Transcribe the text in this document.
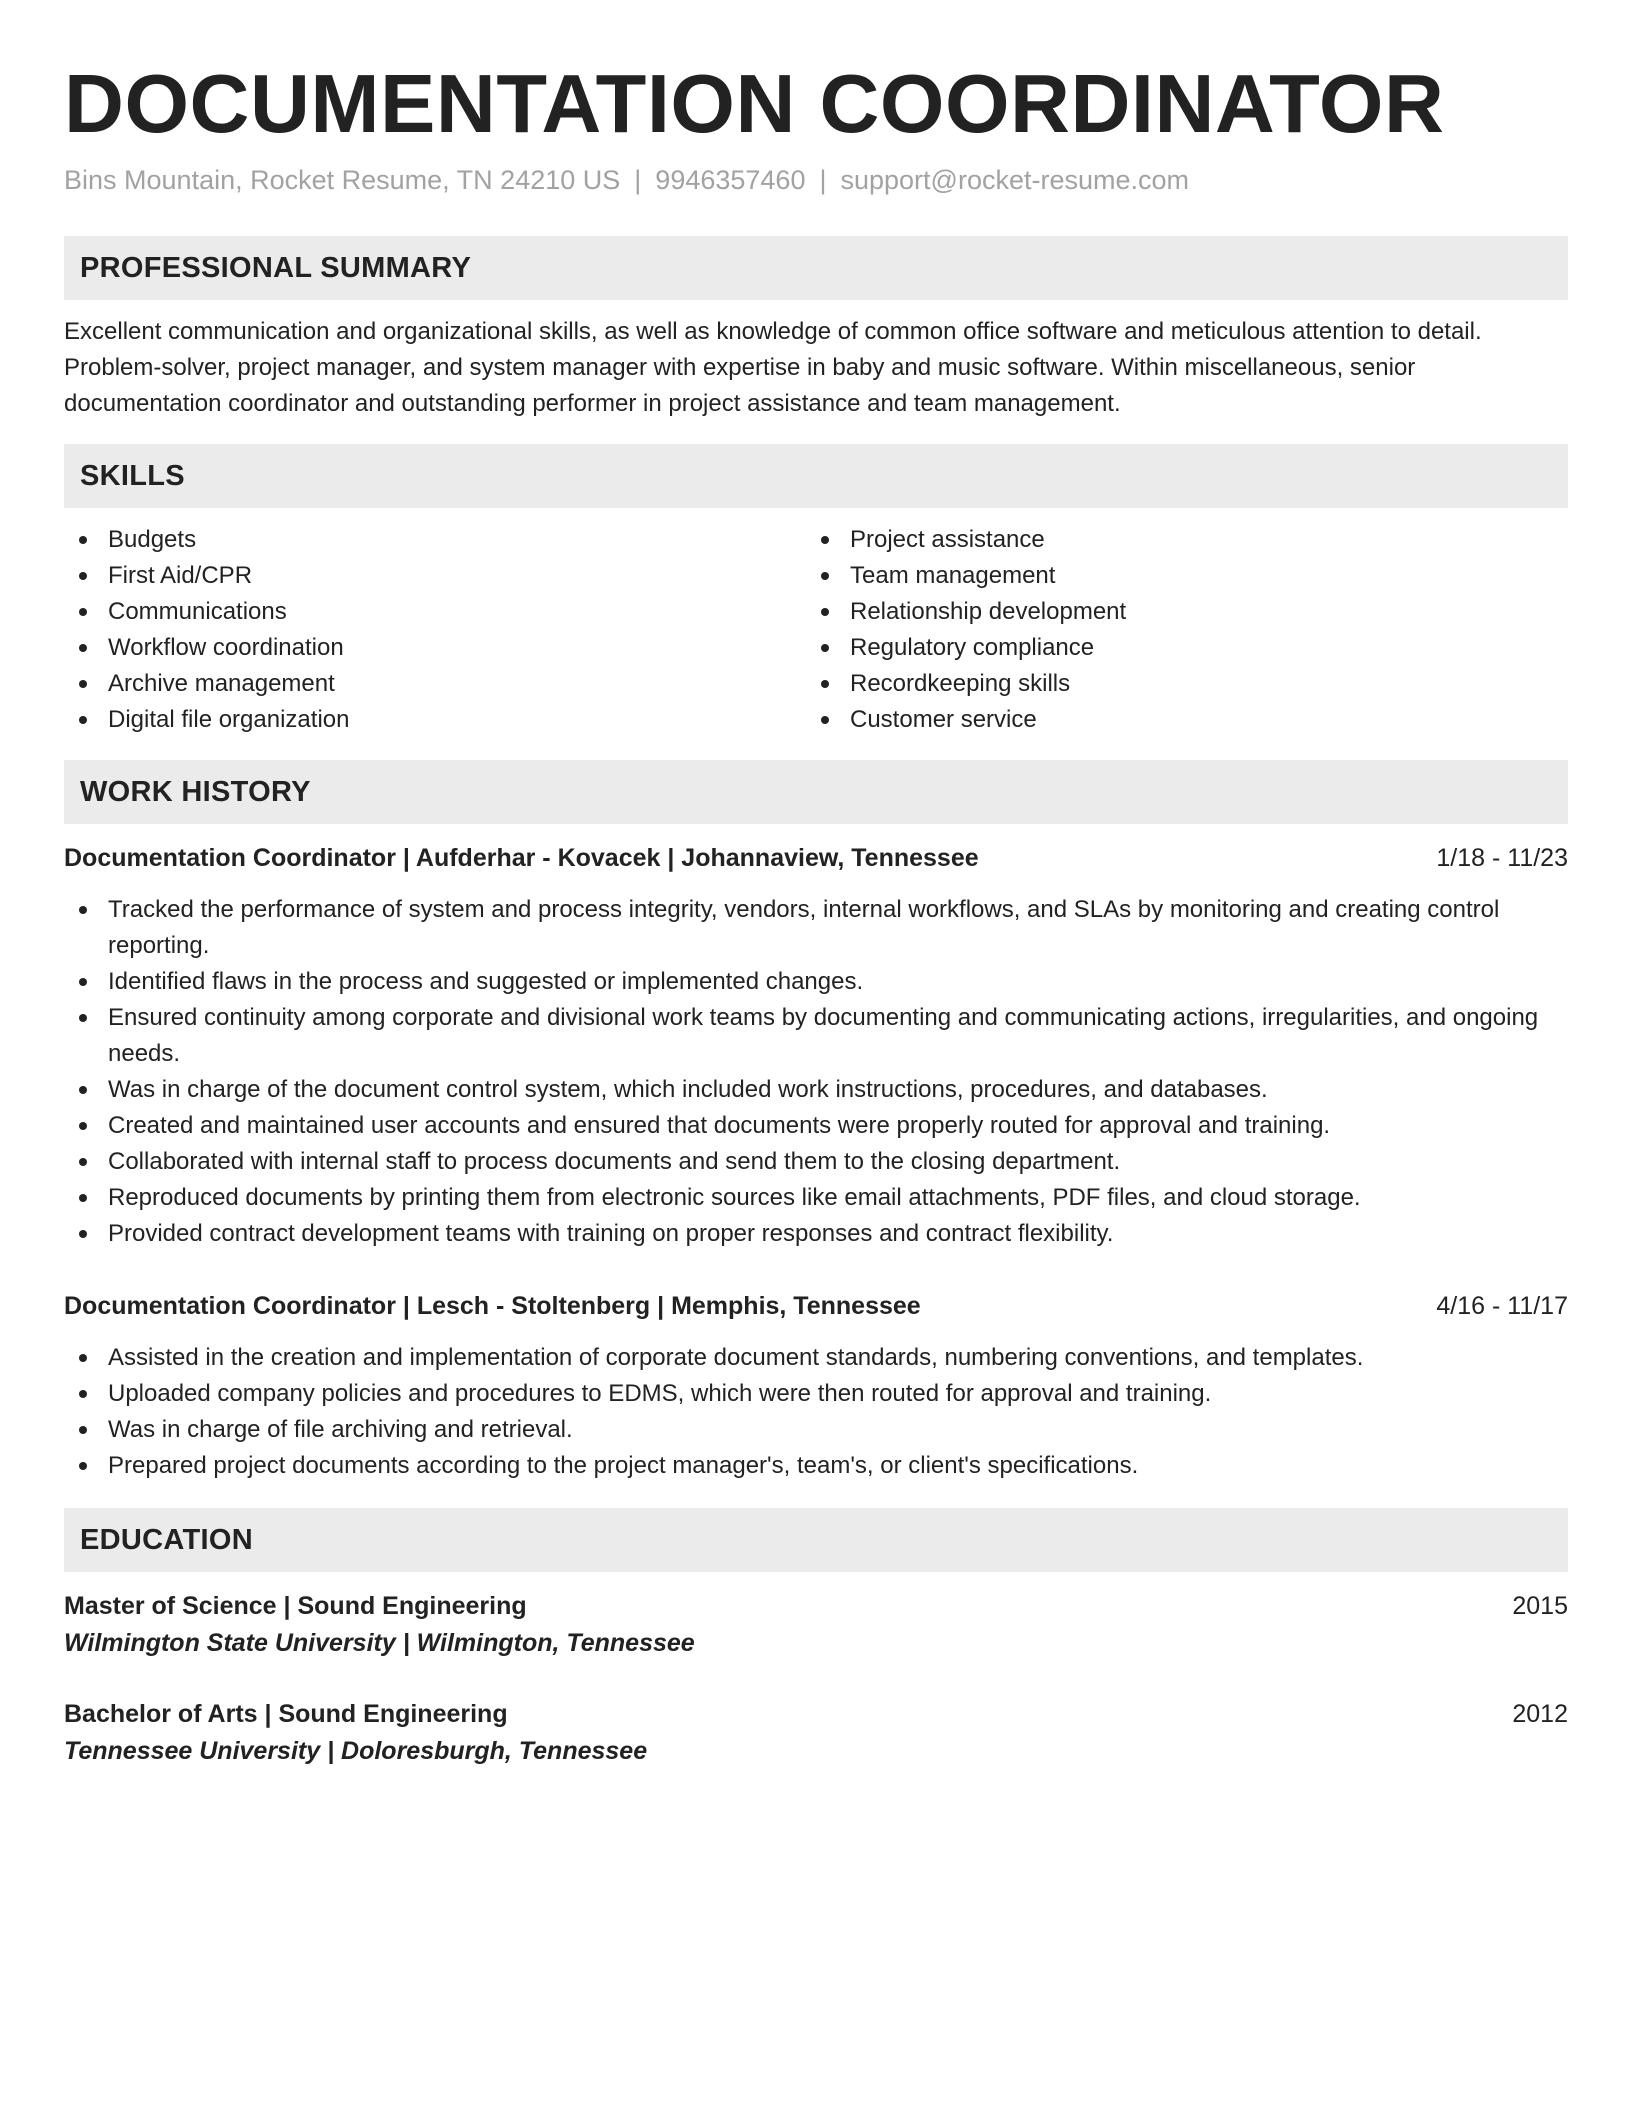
DOCUMENTATION COORDINATOR
Bins Mountain, Rocket Resume, TN 24210 US | 9946357460 | support@rocket-resume.com
PROFESSIONAL SUMMARY

Excellent communication and organizational skills, as well as knowledge of common office software and meticulous attention to detail. Problem-solver, project manager, and system manager with expertise in baby and music software. Within miscellaneous, senior documentation coordinator and outstanding performer in project assistance and team management.

SKILLS
Budgets
First Aid/CPR
Communications
Workflow coordination
Archive management
Digital file organization
Project assistance
Team management
Relationship development
Regulatory compliance
Recordkeeping skills
Customer service
WORK HISTORY
Documentation Coordinator | Aufderhar - Kovacek | Johannaview, Tennessee	1/18 - 11/23
Tracked the performance of system and process integrity, vendors, internal workflows, and SLAs by monitoring and creating control reporting.
Identified flaws in the process and suggested or implemented changes.
Ensured continuity among corporate and divisional work teams by documenting and communicating actions, irregularities, and ongoing needs.
Was in charge of the document control system, which included work instructions, procedures, and databases.
Created and maintained user accounts and ensured that documents were properly routed for approval and training.
Collaborated with internal staff to process documents and send them to the closing department.
Reproduced documents by printing them from electronic sources like email attachments, PDF files, and cloud storage.
Provided contract development teams with training on proper responses and contract flexibility.
Documentation Coordinator | Lesch - Stoltenberg | Memphis, Tennessee	4/16 - 11/17
Assisted in the creation and implementation of corporate document standards, numbering conventions, and templates.
Uploaded company policies and procedures to EDMS, which were then routed for approval and training.
Was in charge of file archiving and retrieval.
Prepared project documents according to the project manager's, team's, or client's specifications.
EDUCATION
Master of Science | Sound Engineering	2015
Wilmington State University | Wilmington, Tennessee
Bachelor of Arts | Sound Engineering	2012
Tennessee University | Doloresburgh, Tennessee
